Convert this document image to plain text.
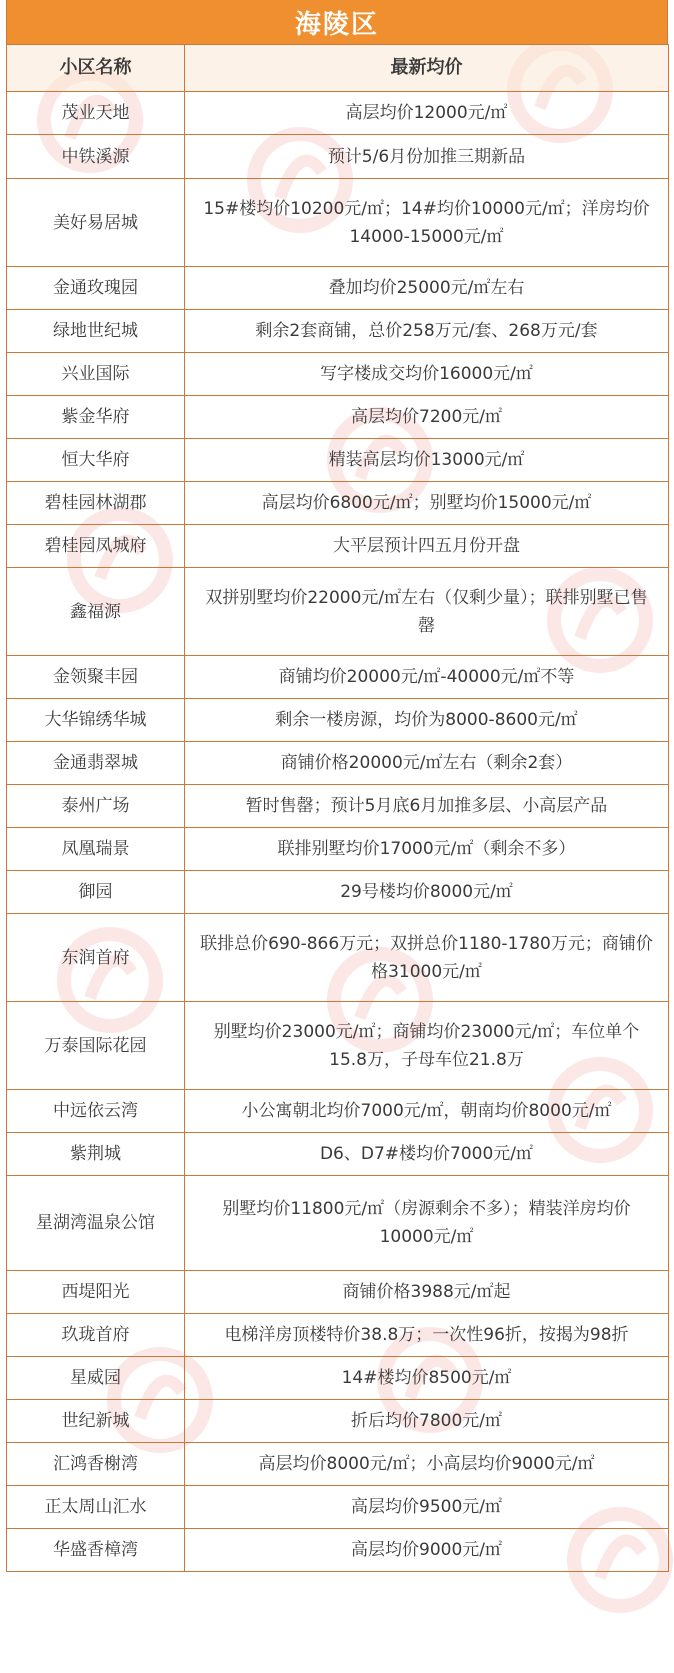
海陵区
小区名称	最新均价
茂业天地	高层均价12000元/㎡
中铁溪源	预计5/6月份加推三期新品
美好易居城	15#楼均价10200元/㎡；14#均价10000元/㎡；洋房均价14000-15000元/㎡
金通玫瑰园	叠加均价25000元/㎡左右
绿地世纪城	剩余2套商铺，总价258万元/套、268万元/套
兴业国际	写字楼成交均价16000元/㎡
紫金华府	高层均价7200元/㎡
恒大华府	精装高层均价13000元/㎡
碧桂园林湖郡	高层均价6800元/㎡；别墅均价15000元/㎡
碧桂园凤城府	大平层预计四五月份开盘
鑫福源	双拼别墅均价22000元/㎡左右（仅剩少量）；联排别墅已售罄
金领聚丰园	商铺均价20000元/㎡-40000元/㎡不等
大华锦绣华城	剩余一楼房源，均价为8000-8600元/㎡
金通翡翠城	商铺价格20000元/㎡左右（剩余2套）
泰州广场	暂时售罄；预计5月底6月加推多层、小高层产品
凤凰瑞景	联排别墅均价17000元/㎡（剩余不多）
御园	29号楼均价8000元/㎡
东润首府	联排总价690-866万元；双拼总价1180-1780万元；商铺价格31000元/㎡
万泰国际花园	别墅均价23000元/㎡；商铺均价23000元/㎡；车位单个15.8万，子母车位21.8万
中远依云湾	小公寓朝北均价7000元/㎡，朝南均价8000元/㎡
紫荆城	D6、D7#楼均价7000元/㎡
星湖湾温泉公馆	别墅均价11800元/㎡（房源剩余不多）；精装洋房均价10000元/㎡
西堤阳光	商铺价格3988元/㎡起
玖珑首府	电梯洋房顶楼特价38.8万；一次性96折，按揭为98折
星威园	14#楼均价8500元/㎡
世纪新城	折后均价7800元/㎡
汇鸿香榭湾	高层均价8000元/㎡；小高层均价9000元/㎡
正太周山汇水	高层均价9500元/㎡
华盛香樟湾	高层均价9000元/㎡
